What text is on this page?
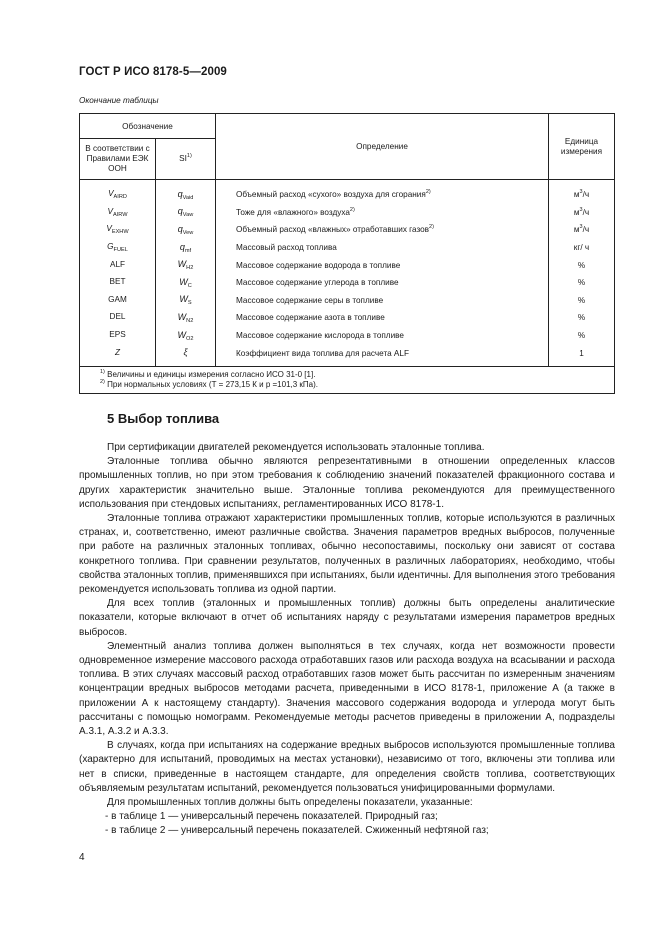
ГОСТ Р ИСО 8178-5—2009
Окончание таблицы
Обозначение		Определение	Единица измерения

В соответствии с Правилами ЕЭК ООН	SI$^{1)}$
$V_{AIRD}$	$q_{Vaid}$	Объемный расход «сухого» воздуха для сгорания$^{2)}$	$м^3/ч$
$V_{AIRW}$	$q_{Vaw}$	Тоже для «влажного» воздуха$^{2)}$	$м^3/ч$
$V_{EXHW}$	$q_{Vew}$	Объемный расход «влажных» отработавших газов$^{2)}$	$м^3/ч$
$G_{FUEL}$	$q_{mf}$	Массовый расход топлива	кг/ ч
ALF	$W_{H2}$	Массовое содержание водорода в топливе	%
BET	$W_C$	Массовое содержание углерода в топливе	%
GAM	$W_S$	Массовое содержание серы в топливе	%
DEL	$W_{N2}$	Массовое содержание азота в топливе	%
EPS	$W_{O2}$	Массовое содержание кислорода в топливе	%
Z	ξ	Коэффициент вида топлива для расчета ALF	1

$^{1)}$ Величины и единицы измерения согласно ИСО 31-0 [1].
$^{2)}$ При нормальных условиях (Т = 273,15 К и р =101,3 кПа).			
5 Выбор топлива

При сертификации двигателей рекомендуется использовать эталонные топлива.

Эталонные топлива обычно являются репрезентативными в отношении определенных классов промышленных топлив, но при этом требования к соблюдению значений показателей фракционного состава и других характеристик значительно выше. Эталонные топлива рекомендуются для преимущественного использования при стендовых испытаниях, регламентированных ИСО 8178-1.

Эталонные топлива отражают характеристики промышленных топлив, которые используются в различных странах, и, соответственно, имеют различные свойства. Значения параметров вредных выбросов, полученные при работе на различных эталонных топливах, обычно несопоставимы, поскольку они зависят от состава конкретного топлива. При сравнении результатов, полученных в различных лабораториях, необходимо, чтобы свойства эталонных топлив, применявшихся при испытаниях, были идентичны. Для выполнения этого требования рекомендуется использовать топлива из одной партии.

Для всех топлив (эталонных и промышленных топлив) должны быть определены аналитические показатели, которые включают в отчет об испытаниях наряду с результатами измерения параметров вредных выбросов.

Элементный анализ топлива должен выполняться в тех случаях, когда нет возможности провести одновременное измерение массового расхода отработавших газов или расхода воздуха на всасывании и расхода топлива. В этих случаях массовый расход отработавших газов может быть рассчитан по измеренным значениям концентрации вредных выбросов методами расчета, приведенными в ИСО 8178-1, приложение А (а также в приложении А к настоящему стандарту). Значения массового содержания водорода и углерода могут быть рассчитаны с помощью номограмм. Рекомендуемые методы расчетов приведены в приложении А, подразделы А.3.1, А.3.2 и А.3.3.

В случаях, когда при испытаниях на содержание вредных выбросов используются промышленные топлива (характерно для испытаний, проводимых на местах установки), независимо от того, включены эти топлива или нет в списки, приведенные в настоящем стандарте, для определения свойств топлива, соответствующих объявляемым результатам испытаний, рекомендуется пользоваться унифицированными формулами.

Для промышленных топлив должны быть определены показатели, указанные:

- в таблице 1 — универсальный перечень показателей. Природный газ;

- в таблице 2 — универсальный перечень показателей. Сжиженный нефтяной газ;

4
